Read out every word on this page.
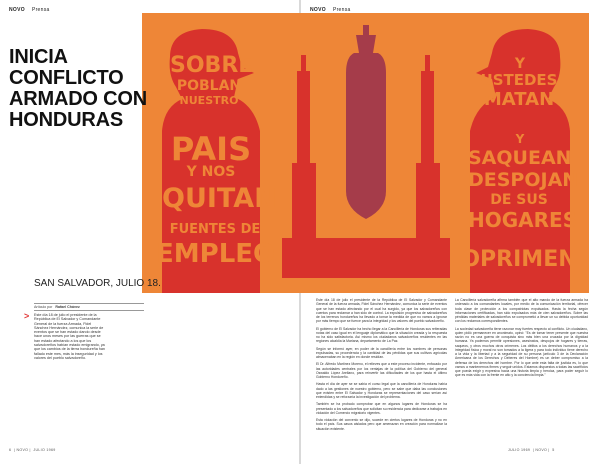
NOVO Prensa	NOVO Prensa
SOBRE
POBLAN
NUESTRO
PAIS
Y NOS
QUITAN
FUENTES DE
EMPLEO
Y
USTEDES
MATAN
Y
SAQUEAN
DESPOJAN
DE SUS
HOGARES
OPRIMEN
INICIA CONFLICTO ARMADO CON HONDURAS
SAN SALVADOR, JULIO 18.
Artículo por Rafael Chávez
> Este día 18 de julio el presidente de la República de El Salvador y Comandante General de la fuerza Armada, Fidel Sánchez Hernández, comunica la serie de eventos que se han estado dando desde hace unos meses por las guerras que se han estado afectando a los que los salvadoreños habían estado emigrando, ya que los cambios de la tierra hondureña han fallado este mes, más la inseguridad y los valores del pueblo salvadoreño.

Este día 18 de julio el presidente de la República de El Salvador y Comandante General de la fuerza armada, Fidel Sánchez Hernández, comunica la serie de eventos que se han estado afectando por el cual ha surgido, ya que los salvadoreños con cuentos para reclamar a han sido de control. La expulsión progresiva de salvadoreños de los terrenos hondureños ha llevado a tomar la medida de que no vamos a ignorar por más tiempo que se fuerce para la integridad y los valores del pueblo salvadoreño.

El gobierno de El Salvador ha hecho llegar a la Cancillería de Honduras sus reiteradas notas del caso igual en el lenguaje diplomático que la situación creada y la respuesta no ha sido satisfactoria. Así mismo los ciudadanos salvadoreños residentes en las regiones alcaldía la Mariana, departamento de La Paz.

Según se informó ayer, en poder de la cancillería entre los nombres de personas expulsadas, su procedencia y la cantidad de las pérdidas que sus cultivos agrícolas almacenaban en la región en donde residían.

El Dr. Alfredo Martínez Moreno, el relieves que a este proceso incidente, enfocado por las autoridades centrales por los ventajas de la política del Gobierno del general Oswaldo López Arellano, para reinvertir las dificultades de los que hasta el último Gobierno Hondureño.

Hasta el día de ayer se se sabía el curso legal que la cancillería de Honduras había dado a las gestiones de nuestro gobierno, pero se sabe que daba las conclusiones que existen entre El Salvador y Honduras se representaciones del caso serían así extendidas y se reforzaría la investigación del problema.

También se ha probado comprobar que en algunos lugares de Honduras se ha presentado a los salvadoreños que solicitan su residencia para dedicarse a trabajos en violación del Comercio migratorio vigentes.

Esta violación del convenio se dijo, sucede en ciertos lugares de Honduras y no en todo el país. Sus casos aislados pero que amenazan en creación para normalizar la situación existente.

La Cancillería salvadoreña afirma también que el alto mando de la fuerza armada ha ordenado a los comandantes locales, por medio de la comunicación territorial, ofrecer toda clase de protección a los compatriotas expulsados. Hasta la fecha según informaciones certificadas, han sido expulsados más de cien salvadoreños. Sobre las pérdidas materiales de salvadoreños se comprometió a llevar un su debida oportunidad con los reclamos correspondientes.

La sociedad salvadoreña tiene razonar muy fuertes respecto al conflicto. Un ciudadano, quien pidió permanecer en anonimato, opinó: "Es de tomar tener presente que nuestra razón no es una guerra de conquista sino más bien una cruzada por la dignidad humana. Ya podemos permitir opresiones, asesinatos, despojos de hogares y tierras, saqueos, y otros muchos otros crímenes. Los délitos a los derechos humanos y a la integridad física y moral no son tomados a la ligera y para todo individuo tiene derecho a la vida y la libertad y a la seguridad de su persona (artículo 3 de la Declaración Americana de los Derechos y Deberes del Hombre) es un deber compromiso a la defensa de los derechos del hombre. Por lo que ante esta falta de justicia es, lo que vamos a mantenernos firmes y seguir unidos. Estamos dispuestos a todas las sacrificios que pueda exigir y expresiva hacia una historia limpia y heroica, para poder seguir lo que es más vida con la frente en alto y la conciencia limpia."

6  | NOVO |  JULIO 1969	JULIO 1969  | NOVO |  5
